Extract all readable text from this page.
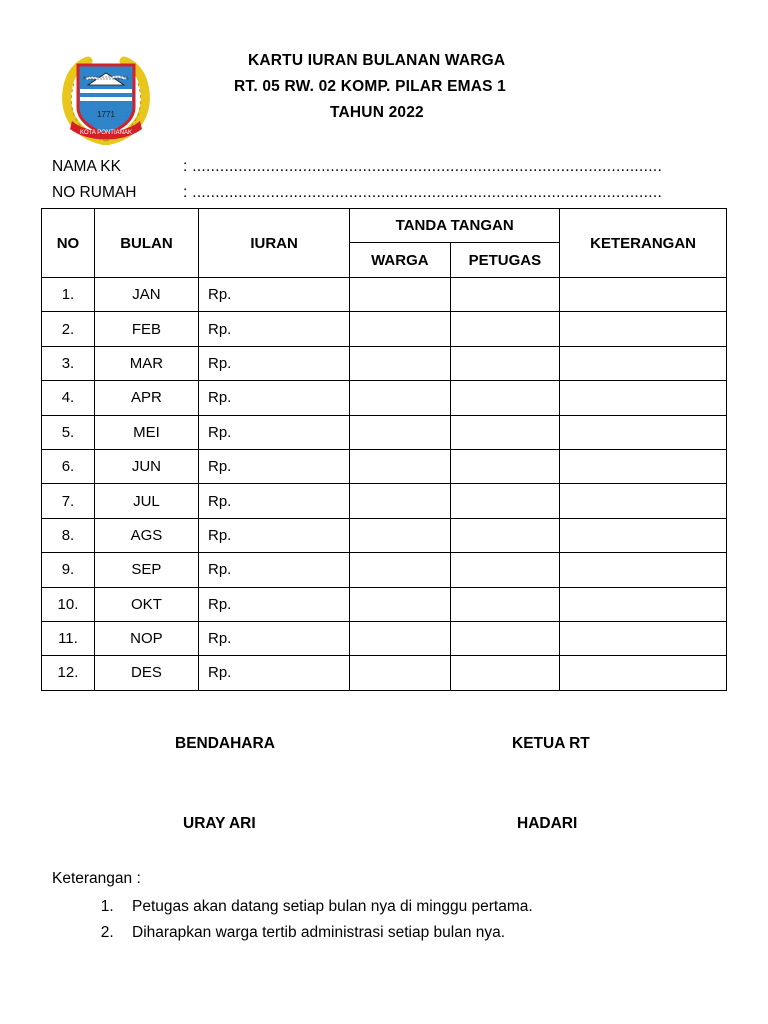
1771
KOTA PONTIANAK
KARTU IURAN BULANAN WARGA
RT. 05 RW. 02 KOMP. PILAR EMAS 1
TAHUN 2022
NAMA KK	: ......................................................................................................
NO RUMAH	: ......................................................................................................
NO	BULAN	IURAN	TANDA TANGAN		KETERANGAN
			WARGA	PETUGAS	
1.	JAN	Rp.			
2.	FEB	Rp.			
3.	MAR	Rp.			
4.	APR	Rp.			
5.	MEI	Rp.			
6.	JUN	Rp.			
7.	JUL	Rp.			
8.	AGS	Rp.			
9.	SEP	Rp.			
10.	OKT	Rp.			
11.	NOP	Rp.			
12.	DES	Rp.			
BENDAHARA	KETUA RT
URAY ARI	HADARI
Keterangan :
1. Petugas akan datang setiap bulan nya di minggu pertama.
2. Diharapkan warga tertib administrasi setiap bulan nya.
